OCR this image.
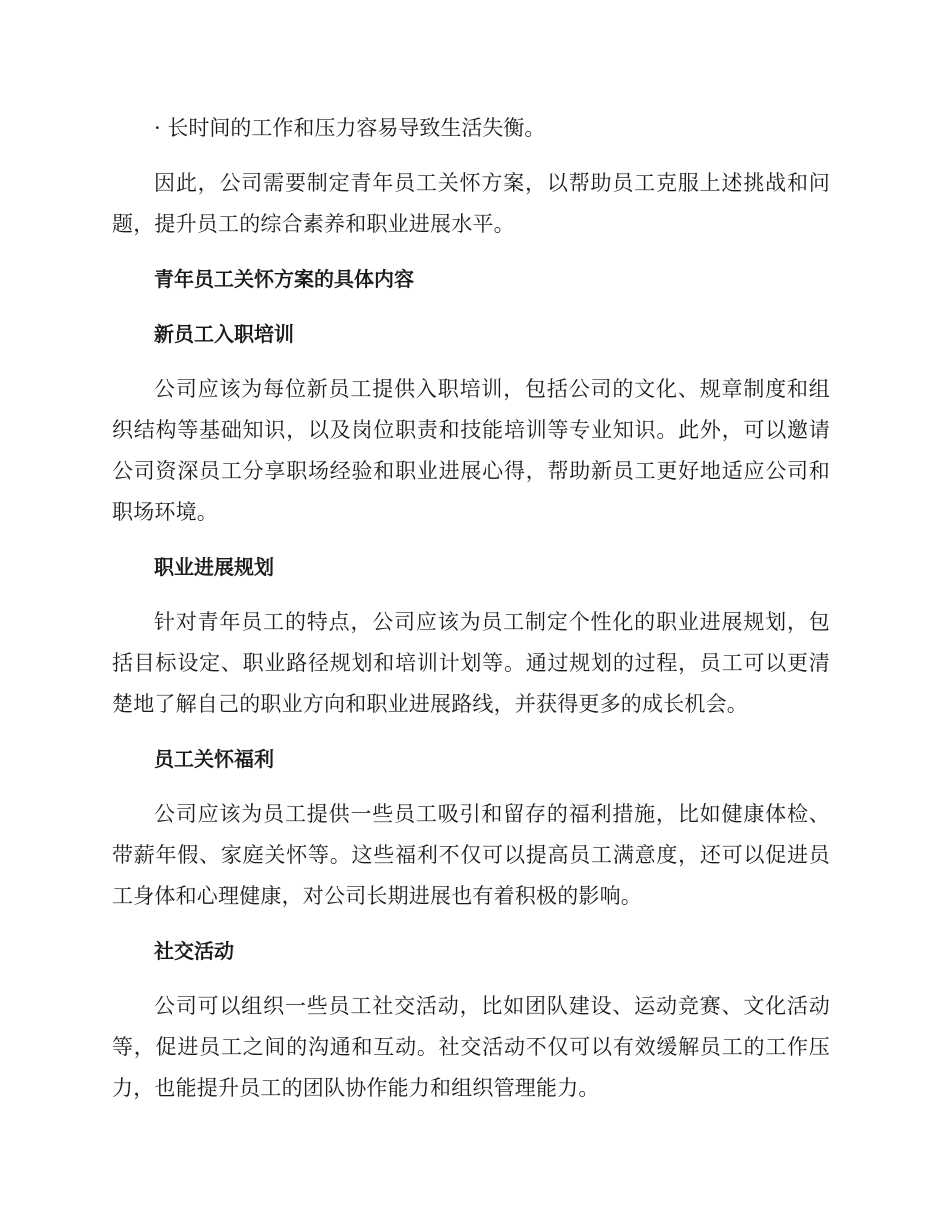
· 长时间的工作和压力容易导致生活失衡。

因此，公司需要制定青年员工关怀方案，以帮助员工克服上述挑战和问题，提升员工的综合素养和职业进展水平。

青年员工关怀方案的具体内容

新员工入职培训

公司应该为每位新员工提供入职培训，包括公司的文化、规章制度和组织结构等基础知识，以及岗位职责和技能培训等专业知识。此外，可以邀请公司资深员工分享职场经验和职业进展心得，帮助新员工更好地适应公司和职场环境。

职业进展规划

针对青年员工的特点，公司应该为员工制定个性化的职业进展规划，包括目标设定、职业路径规划和培训计划等。通过规划的过程，员工可以更清楚地了解自己的职业方向和职业进展路线，并获得更多的成长机会。

员工关怀福利

公司应该为员工提供一些员工吸引和留存的福利措施，比如健康体检、带薪年假、家庭关怀等。这些福利不仅可以提高员工满意度，还可以促进员工身体和心理健康，对公司长期进展也有着积极的影响。

社交活动

公司可以组织一些员工社交活动，比如团队建设、运动竞赛、文化活动等，促进员工之间的沟通和互动。社交活动不仅可以有效缓解员工的工作压力，也能提升员工的团队协作能力和组织管理能力。
